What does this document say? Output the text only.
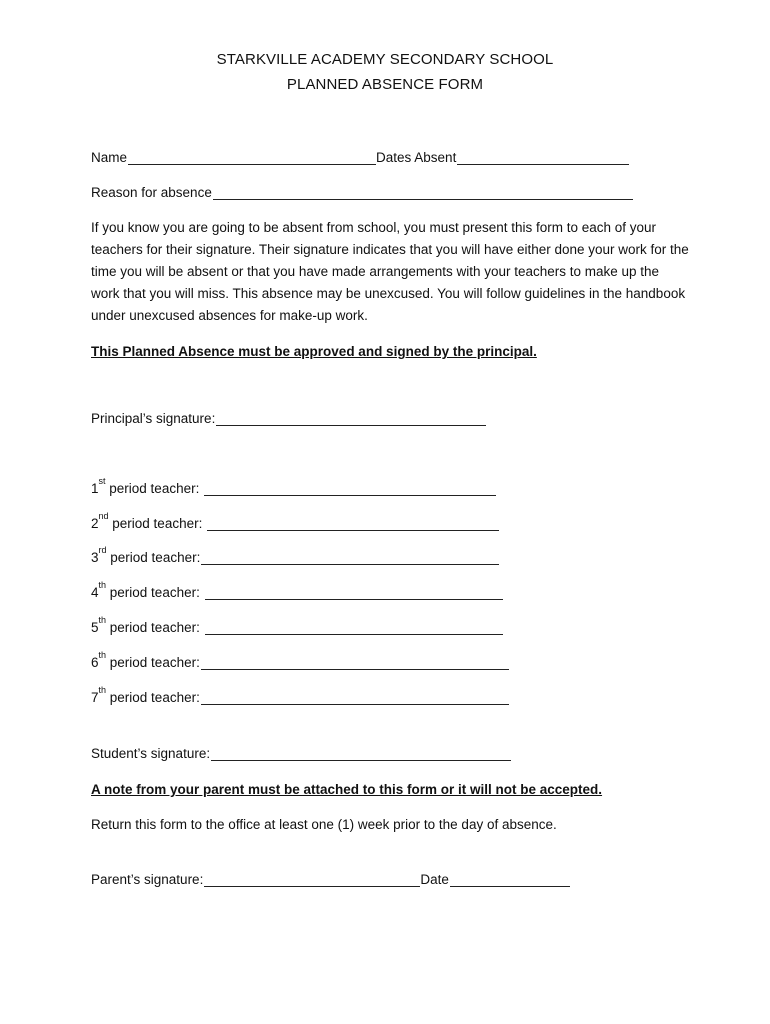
STARKVILLE ACADEMY SECONDARY SCHOOL
PLANNED ABSENCE FORM
Name	Dates Absent
Reason for absence
If you know you are going to be absent from school, you must present this form to each of your teachers for their signature. Their signature indicates that you will have either done your work for the time you will be absent or that you have made arrangements with your teachers to make up the work that you will miss. This absence may be unexcused. You will follow guidelines in the handbook under unexcused absences for make-up work.
This Planned Absence must be approved and signed by the principal.
Principal’s signature:
1 st period teacher:
2 nd period teacher:
3 rd period teacher:
4 th period teacher:
5 th period teacher:
6 th period teacher:
7 th period teacher:
Student’s signature:
A note from your parent must be attached to this form or it will not be accepted.
Return this form to the office at least one (1) week prior to the day of absence.
Parent’s signature:	Date
